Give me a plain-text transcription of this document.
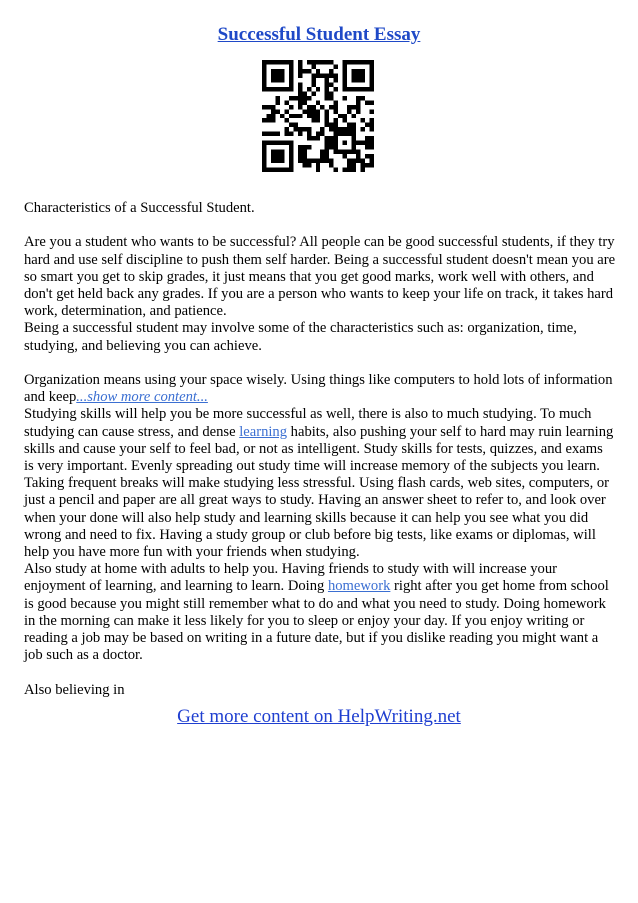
Successful Student Essay

Characteristics of a Successful Student.

Are you a student who wants to be successful? All people can be good successful students, if they try hard and use self discipline to push them self harder. Being a successful student doesn't mean you are so smart you get to skip grades, it just means that you get good marks, work well with others, and don't get held back any grades. If you are a person who wants to keep your life on track, it takes hard work, determination, and patience.

Being a successful student may involve some of the characteristics such as: organization, time, studying, and believing you can achieve.

Organization means using your space wisely. Using things like computers to hold lots of information and keep...show more content...

Studying skills will help you be more successful as well, there is also to much studying. To much studying can cause stress, and dense learning habits, also pushing your self to hard may ruin learning skills and cause your self to feel bad, or not as intelligent. Study skills for tests, quizzes, and exams is very important. Evenly spreading out study time will increase memory of the subjects you learn. Taking frequent breaks will make studying less stressful. Using flash cards, web sites, computers, or just a pencil and paper are all great ways to study. Having an answer sheet to refer to, and look over when your done will also help study and learning skills because it can help you see what you did wrong and need to fix. Having a study group or club before big tests, like exams or diplomas, will help you have more fun with your friends when studying.

Also study at home with adults to help you. Having friends to study with will increase your enjoyment of learning, and learning to learn. Doing homework right after you get home from school is good because you might still remember what to do and what you need to study. Doing homework in the morning can make it less likely for you to sleep or enjoy your day. If you enjoy writing or reading a job may be based on writing in a future date, but if you dislike reading you might want a job such as a doctor.

Also believing in

Get more content on HelpWriting.net
